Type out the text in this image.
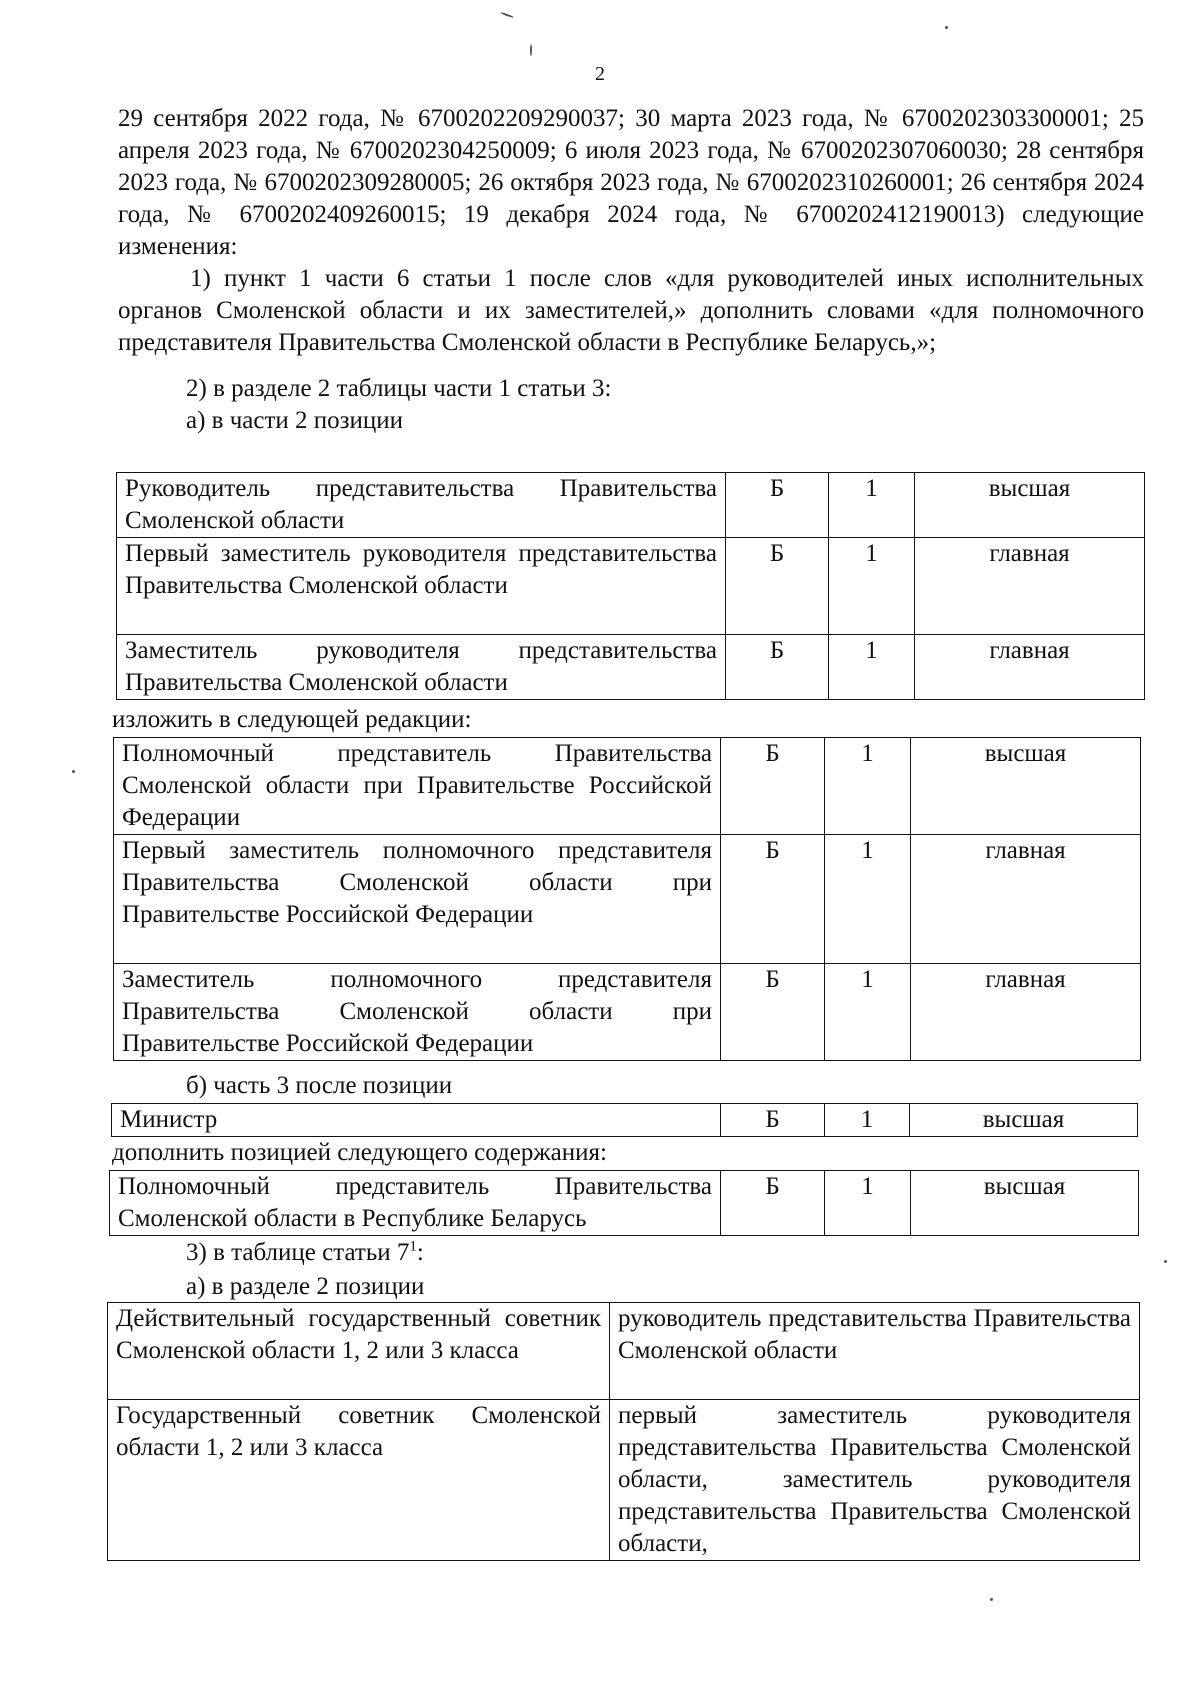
2
29 сентября 2022 года, № 6700202209290037; 30 марта 2023 года, № 6700202303300001; 25 апреля 2023 года, № 6700202304250009; 6 июля 2023 года, № 6700202307060030; 28 сентября 2023 года, № 6700202309280005; 26 октября 2023 года, № 6700202310260001; 26 сентября 2024 года, № 6700202409260015; 19 декабря 2024 года, № 6700202412190013) следующие изменения:
1) пункт 1 части 6 статьи 1 после слов «для руководителей иных исполнительных органов Смоленской области и их заместителей,» дополнить словами «для полномочного представителя Правительства Смоленской области в Республике Беларусь,»;
2) в разделе 2 таблицы части 1 статьи 3:
а) в части 2 позиции
Руководитель представительства Правительства Смоленской области	Б	1	высшая
Первый заместитель руководителя представительства Правительства Смоленской области	Б	1	главная
Заместитель руководителя представительства Правительства Смоленской области	Б	1	главная
изложить в следующей редакции:
Полномочный представитель Правительства Смоленской области при Правительстве Российской Федерации	Б	1	высшая
Первый заместитель полномочного представителя Правительства Смоленской области при Правительстве Российской Федерации	Б	1	главная
Заместитель полномочного представителя Правительства Смоленской области при Правительстве Российской Федерации	Б	1	главная
б) часть 3 после позиции
Министр	Б	1	высшая
дополнить позицией следующего содержания:
Полномочный представитель Правительства Смоленской области в Республике Беларусь	Б	1	высшая
3) в таблице статьи $7^1$:
а) в разделе 2 позиции
Действительный государственный советник Смоленской области 1, 2 или 3 класса	руководитель представительства Правительства Смоленской области
Государственный советник Смоленской области 1, 2 или 3 класса	первый заместитель руководителя представительства Правительства Смоленской области, заместитель руководителя представительства Правительства Смоленской области,
